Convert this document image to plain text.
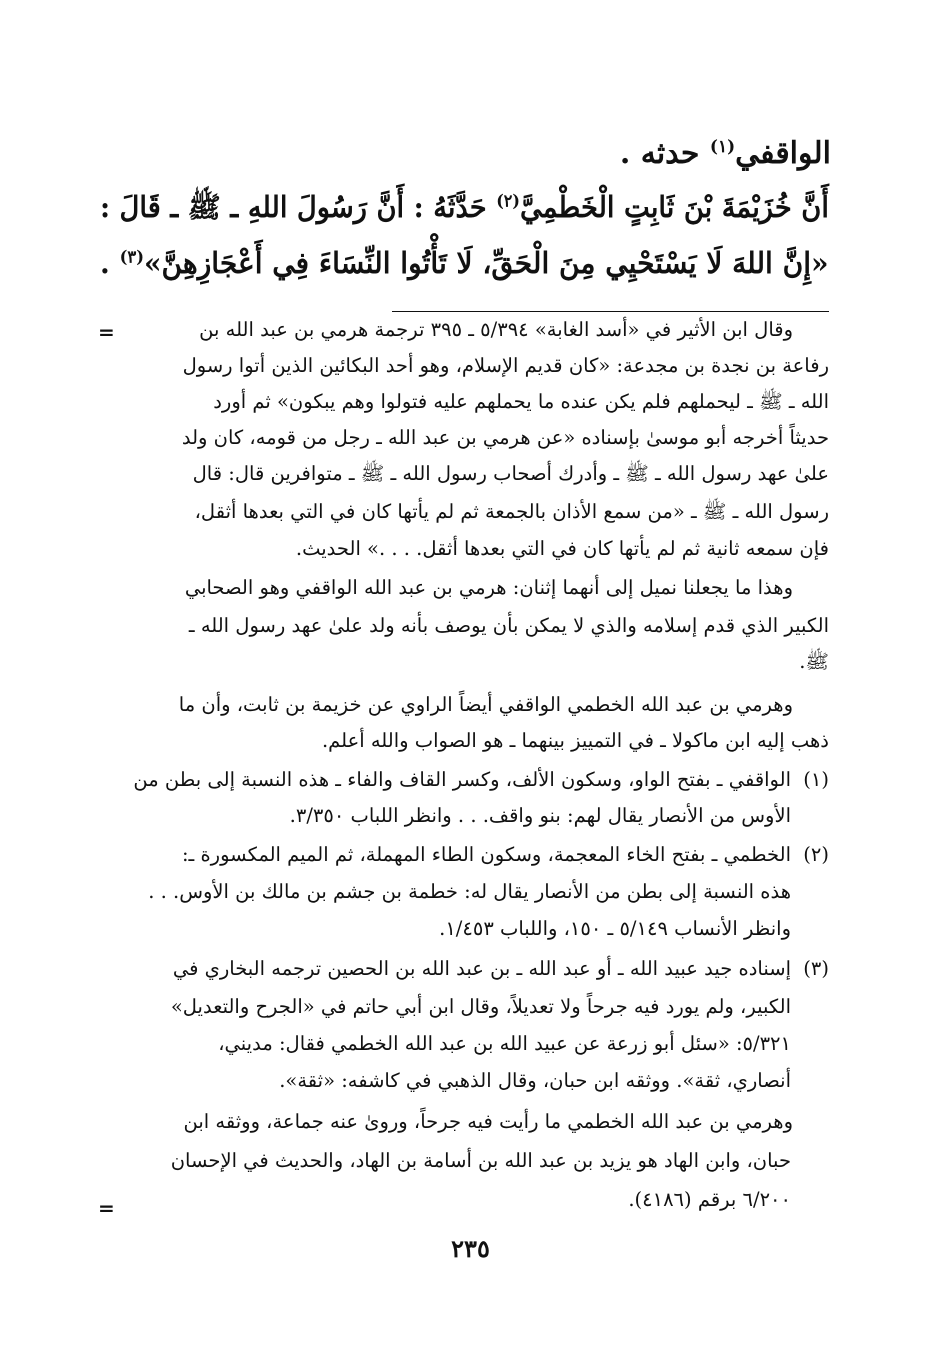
الواقفي$^{(١)}$ حدثه .
أَنَّ خُزَيْمَةَ بْنَ ثَابِتٍ الْخَطْمِيَّ$^{(٢)}$ حَدَّثَهُ : أَنَّ رَسُولَ اللهِ ـ ﷺ ـ قَالَ :
«إِنَّ اللهَ لَا يَسْتَحْيِي مِنَ الْحَقِّ، لَا تَأْتُوا النِّسَاءَ فِي أَعْجَازِهِنَّ»$^{(٣)}$ .
=	وقال ابن الأثير في «أسد الغابة» ٥/٣٩٤ ـ ٣٩٥ ترجمة هرمي بن عبد الله بن
رفاعة بن نجدة بن مجدعة: «كان قديم الإسلام، وهو أحد البكائين الذين أتوا رسول
الله ـ ﷺ ـ ليحملهم فلم يكن عنده ما يحملهم عليه فتولوا وهم يبكون» ثم أورد
حديثاً أخرجه أبو موسىٰ بإسناده «عن هرمي بن عبد الله ـ رجل من قومه، كان ولد
علىٰ عهد رسول الله ـ ﷺ ـ وأدرك أصحاب رسول الله ـ ﷺ ـ متوافرين قال: قال
رسول الله ـ ﷺ ـ «من سمع الأذان بالجمعة ثم لم يأتها كان في التي بعدها أثقل،
فإن سمعه ثانية ثم لم يأتها كان في التي بعدها أثقل. . . .» الحديث.
وهذا ما يجعلنا نميل إلى أنهما إثنان: هرمي بن عبد الله الواقفي وهو الصحابي
الكبير الذي قدم إسلامه والذي لا يمكن بأن يوصف بأنه ولد علىٰ عهد رسول الله ـ
ﷺ.
وهرمي بن عبد الله الخطمي الواقفي أيضاً الراوي عن خزيمة بن ثابت، وأن ما
ذهب إليه ابن ماكولا ـ في التمييز بينهما ـ هو الصواب والله أعلم.
(١)
الواقفي ـ بفتح الواو، وسكون الألف، وكسر القاف والفاء ـ هذه النسبة إلى بطن من
الأوس من الأنصار يقال لهم: بنو واقف. . . وانظر اللباب ٣/٣٥٠.
(٢)
الخطمي ـ بفتح الخاء المعجمة، وسكون الطاء المهملة، ثم الميم المكسورة ـ:
هذه النسبة إلى بطن من الأنصار يقال له: خطمة بن جشم بن مالك بن الأوس. . .
وانظر الأنساب ٥/١٤٩ ـ ١٥٠، واللباب ١/٤٥٣.
(٣)
إسناده جيد عبيد الله ـ أو عبد الله ـ بن عبد الله بن الحصين ترجمه البخاري في
الكبير، ولم يورد فيه جرحاً ولا تعديلاً، وقال ابن أبي حاتم في «الجرح والتعديل»
٥/٣٢١: «سئل أبو زرعة عن عبيد الله بن عبد الله الخطمي فقال: مديني،
أنصاري، ثقة». ووثقه ابن حبان، وقال الذهبي في كاشفه: «ثقة».
وهرمي بن عبد الله الخطمي ما رأيت فيه جرحاً، وروىٰ عنه جماعة، ووثقه ابن
حبان، وابن الهاد هو يزيد بن عبد الله بن أسامة بن الهاد، والحديث في الإحسان
٦/٢٠٠ برقم (٤١٨٦).
=
٢٣٥
